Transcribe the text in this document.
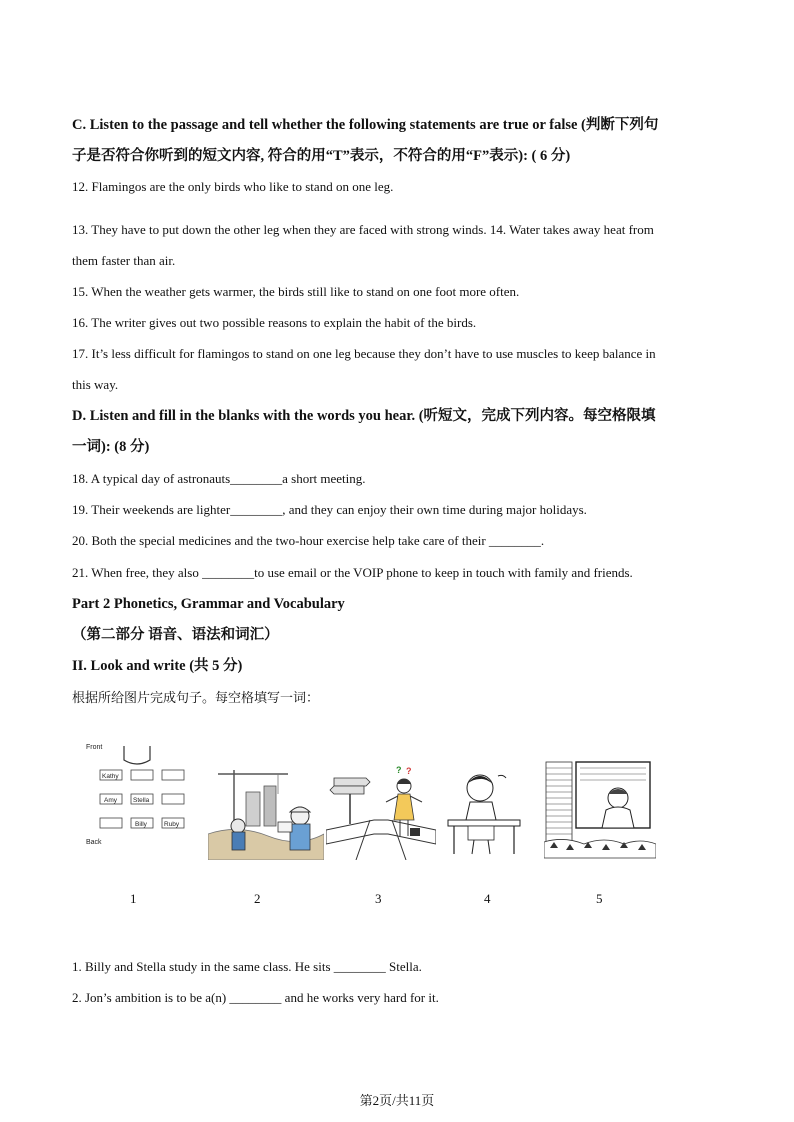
C. Listen to the passage and tell whether the following statements are true or false (判断下列句
子是否符合你听到的短文内容, 符合的用“T”表示，不符合的用“F”表示): ( 6 分)
12. Flamingos are the only birds who like to stand on one leg.
13. They have to put down the other leg when they are faced with strong winds. 14. Water takes away heat from
them faster than air.
15. When the weather gets warmer, the birds still like to stand on one foot more often.
16. The writer gives out two possible reasons to explain the habit of the birds.
17. It’s less difficult for flamingos to stand on one leg because they don’t have to use muscles to keep balance in
this way.
D. Listen and fill in the blanks with the words you hear. (听短文，完成下列内容。每空格限填
一词): (8 分)
18. A typical day of astronauts________a short meeting.
19. Their weekends are lighter________, and they can enjoy their own time during major holidays.
20. Both the special medicines and the two-hour exercise help take care of their ________.
21. When free, they also ________to use email or the VOIP phone to keep in touch with family and friends.
Part 2 Phonetics, Grammar and Vocabulary
（第二部分 语音、语法和词汇）
II. Look and write (共 5 分)
根据所给图片完成句子。每空格填写一词：
Front
Kathy
Amy Stella
Billy	Ruby
Back
? ?
1	2	3	4	5
1. Billy and Stella study in the same class. He sits ________ Stella.
2. Jon’s ambition is to be a(n) ________ and he works very hard for it.
第2页/共11页
